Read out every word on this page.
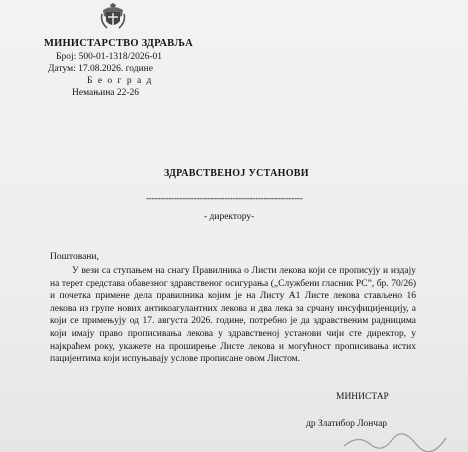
МИНИСТАРСТВО ЗДРАВЉА
Број: 500-01-1318/2026-01
Датум: 17.08.2026. године
Б е о г р а д
Немањина 22-26
ЗДРАВСТВЕНОЈ УСТАНОВИ
--------------------------------------------------------
- директору-
Поштовани,
У вези са ступањем на снагу Правилника о Листи лекова који се прописују и издају на терет средстава обавезног здравственог осигурања („Службени гласник РС”, бр. 70/26) и почетка примене дела правилника којим је на Листу А1 Листе лекова стављено 16 лекова из групе нових антикоагулантних лекова и два лека за срчану инсуфицијенцију, а који се примењују од 17. августа 2026. године, потребно је да здравственим радницима који имају право прописивања лекова у здравственој установи чији сте директор, у најкраћем року, укажете на проширење Листе лекова и могућност прописивања истих пацијентима који испуњавају услове прописане овом Листом.
МИНИСТАР
др Златибор Лончар
